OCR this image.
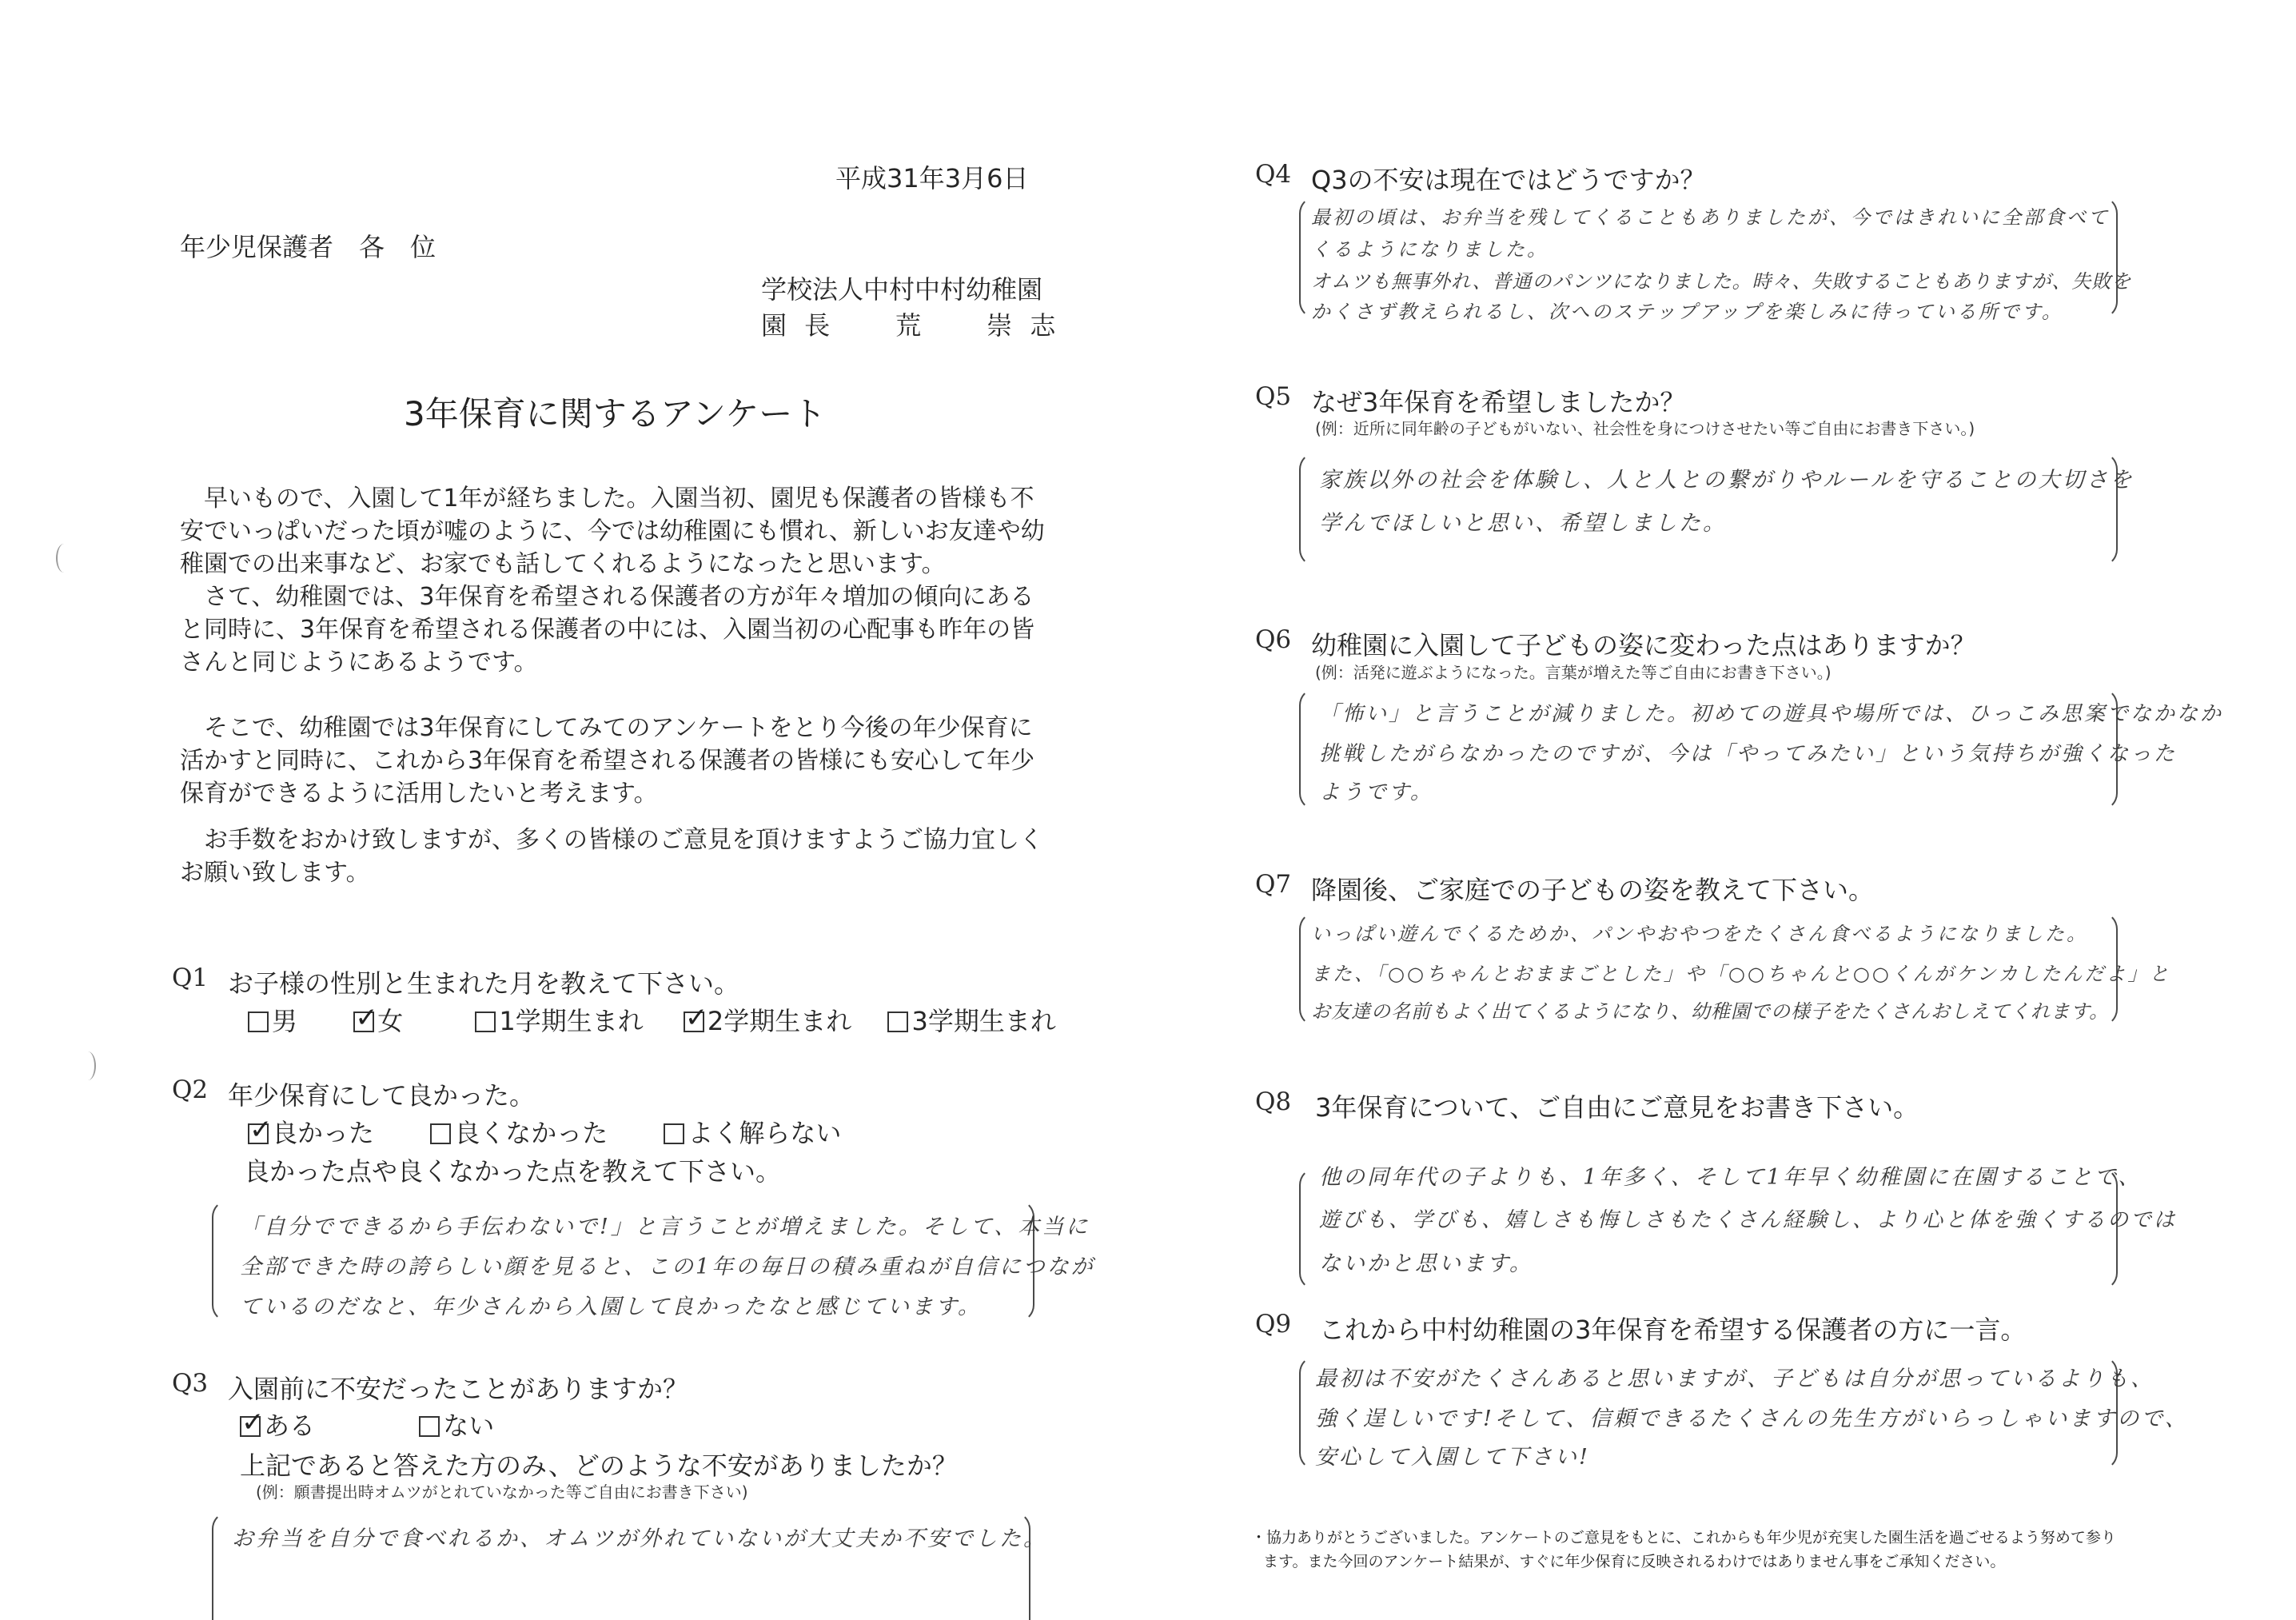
平成31年3月6日
年少児保護者　各　位
学校法人中村中村幼稚園
園 長　　荒　　崇 志
3年保育に関するアンケート
早いもので、入園して1年が経ちました。入園当初、園児も保護者の皆様も不安でいっぱいだった頃が嘘のように、今では幼稚園にも慣れ、新しいお友達や幼稚園での出来事など、お家でも話してくれるようになったと思います。
さて、幼稚園では、3年保育を希望される保護者の方が年々増加の傾向にあると同時に、3年保育を希望される保護者の中には、入園当初の心配事も昨年の皆さんと同じようにあるようです。
そこで、幼稚園では3年保育にしてみてのアンケートをとり今後の年少保育に活かすと同時に、これから3年保育を希望される保護者の皆様にも安心して年少保育ができるように活用したいと考えます。
お手数をおかけ致しますが、多くの皆様のご意見を頂けますようご協力宜しくお願い致します。
Q1 お子様の性別と生まれた月を教えて下さい。
男 ✓	女	1学期生まれ ✓	2学期生まれ 3学期生まれ
Q2 年少保育にして良かった。
✓良かった	良くなかった	よく解らない
良かった点や良くなかった点を教えて下さい。
「自分でできるから手伝わないで!」と言うことが増えました。そして、本当に
全部できた時の誇らしい顔を見ると、この1年の毎日の積み重ねが自信につなが
ているのだなと、年少さんから入園して良かったなと感じています。
Q3 入園前に不安だったことがありますか？
✓ある	ない
上記であると答えた方のみ、どのような不安がありましたか？
(例：願書提出時オムツがとれていなかった等ご自由にお書き下さい)
お弁当を自分で食べれるか、オムツが外れていないが大丈夫か不安でした。
Q4 Q3の不安は現在ではどうですか？
最初の頃は、お弁当を残してくることもありましたが、今ではきれいに全部食べて
くるようになりました。
オムツも無事外れ、普通のパンツになりました。時々、失敗することもありますが、失敗を
かくさず教えられるし、次へのステップアップを楽しみに待っている所です。
Q5 なぜ3年保育を希望しましたか？
(例：近所に同年齢の子どもがいない、社会性を身につけさせたい等ご自由にお書き下さい。)
家族以外の社会を体験し、人と人との繋がりやルールを守ることの大切さを
学んでほしいと思い、希望しました。
Q6 幼稚園に入園して子どもの姿に変わった点はありますか？
(例：活発に遊ぶようになった。言葉が増えた等ご自由にお書き下さい。)
「怖い」と言うことが減りました。初めての遊具や場所では、ひっこみ思案でなかなか
挑戦したがらなかったのですが、今は「やってみたい」という気持ちが強くなった
ようです。
Q7 降園後、ご家庭での子どもの姿を教えて下さい。
いっぱい遊んでくるためか、パンやおやつをたくさん食べるようになりました。
また、「○○ちゃんとおままごとした」や「○○ちゃんと○○くんがケンカしたんだよ」と
お友達の名前もよく出てくるようになり、幼稚園での様子をたくさんおしえてくれます。
Q8 3年保育について、ご自由にご意見をお書き下さい。
他の同年代の子よりも、1年多く、そして1年早く幼稚園に在園することで、
遊びも、学びも、嬉しさも悔しさもたくさん経験し、より心と体を強くするのでは
ないかと思います。
Q9 これから中村幼稚園の3年保育を希望する保護者の方に一言。
最初は不安がたくさんあると思いますが、子どもは自分が思っているよりも、
強く逞しいです!そして、信頼できるたくさんの先生方がいらっしゃいますので、
安心して入園して下さい!
・協力ありがとうございました。アンケートのご意見をもとに、これからも年少児が充実した園生活を過ごせるよう努めて参り
ます。また今回のアンケート結果が、すぐに年少保育に反映されるわけではありません事をご承知ください。
